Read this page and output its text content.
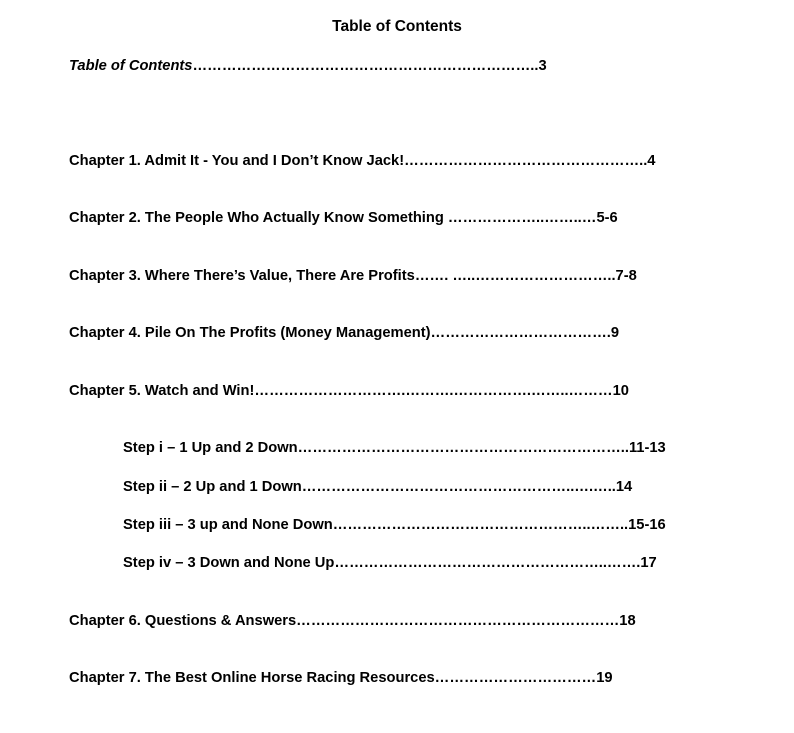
Table of Contents

Table of Contents……………………………………………………………..3

Chapter 1. Admit It - You and I Don’t Know Jack!…………………………………………..4

Chapter 2. The People Who Actually Know Something ………………..……..…5-6

Chapter 3. Where There’s Value, There Are Profits……. …..………………………..7-8

Chapter 4. Pile On The Profits (Money Management)……………………………….9

Chapter 5. Watch and Win!………………………….……….…………….……..………10

Step i – 1 Up and 2 Down…………………………………………………………..11-13

Step ii – 2 Up and 1 Down………………………………………………..….…..14

Step iii – 3 up and None Down……………………………………………..……..15-16

Step iv – 3 Down and None Up………………………………………………..…….17

Chapter 6. Questions & Answers…………………………………………………………18

Chapter 7. The Best Online Horse Racing Resources……………………………19
